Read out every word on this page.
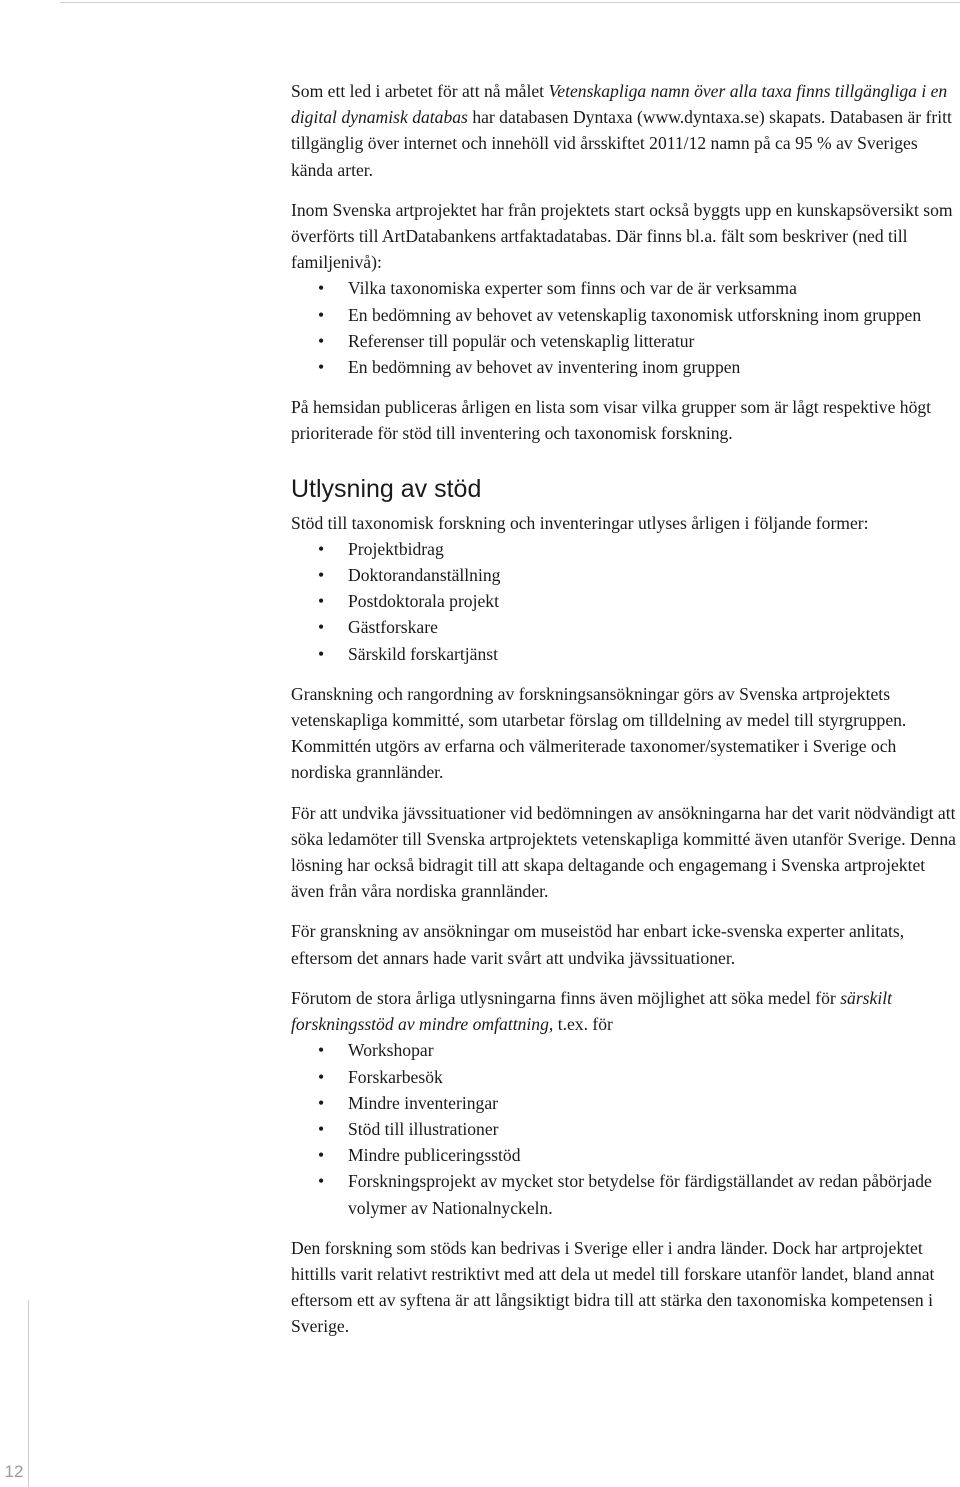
12

Som ett led i arbetet för att nå målet Vetenskapliga namn över alla taxa finns tillgängliga i en digital dynamisk databas har databasen Dyntaxa (www.dyntaxa.se) skapats. Databasen är fritt tillgänglig över internet och innehöll vid årsskiftet 2011/12 namn på ca 95 % av Sveriges kända arter.

Inom Svenska artprojektet har från projektets start också byggts upp en kunskapsöversikt som överförts till ArtDatabankens artfaktadatabas. Där finns bl.a. fält som beskriver (ned till familjenivå):

• Vilka taxonomiska experter som finns och var de är verksamma
• En bedömning av behovet av vetenskaplig taxonomisk utforskning inom gruppen
• Referenser till populär och vetenskaplig litteratur
• En bedömning av behovet av inventering inom gruppen

På hemsidan publiceras årligen en lista som visar vilka grupper som är lågt respektive högt prioriterade för stöd till inventering och taxonomisk forskning.

Utlysning av stöd

Stöd till taxonomisk forskning och inventeringar utlyses årligen i följande former:

• Projektbidrag
• Doktorandanställning
• Postdoktorala projekt
• Gästforskare
• Särskild forskartjänst

Granskning och rangordning av forskningsansökningar görs av Svenska artprojektets vetenskapliga kommitté, som utarbetar förslag om tilldelning av medel till styrgruppen. Kommittén utgörs av erfarna och välmeriterade taxonomer/systematiker i Sverige och nordiska grannländer.

För att undvika jävssituationer vid bedömningen av ansökningarna har det varit nödvändigt att söka ledamöter till Svenska artprojektets vetenskapliga kommitté även utanför Sverige. Denna lösning har också bidragit till att skapa deltagande och engagemang i Svenska artprojektet även från våra nordiska grannländer.

För granskning av ansökningar om museistöd har enbart icke-svenska experter anlitats, eftersom det annars hade varit svårt att undvika jävssituationer.

Förutom de stora årliga utlysningarna finns även möjlighet att söka medel för särskilt forskningsstöd av mindre omfattning, t.ex. för

• Workshopar
• Forskarbesök
• Mindre inventeringar
• Stöd till illustrationer
• Mindre publiceringsstöd
• Forskningsprojekt av mycket stor betydelse för färdigställandet av redan påbörjade volymer av Nationalnyckeln.

Den forskning som stöds kan bedrivas i Sverige eller i andra länder. Dock har artprojektet hittills varit relativt restriktivt med att dela ut medel till forskare utanför landet, bland annat eftersom ett av syftena är att långsiktigt bidra till att stärka den taxonomiska kompetensen i Sverige.
